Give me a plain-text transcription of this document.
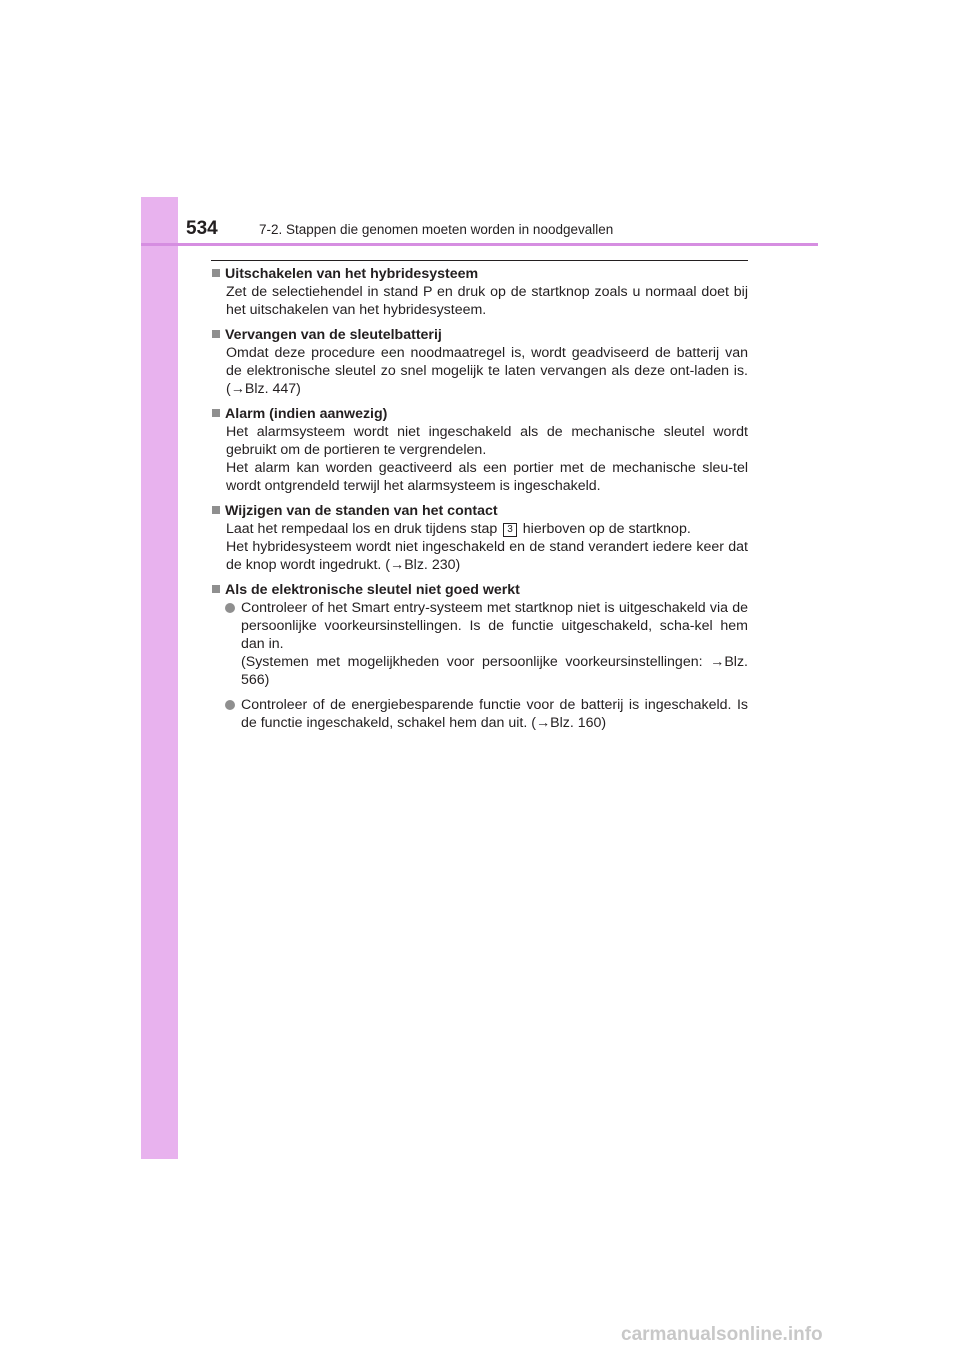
534	7-2. Stappen die genomen moeten worden in noodgevallen
Uitschakelen van het hybridesysteem
Zet de selectiehendel in stand P en druk op de startknop zoals u normaal doet bij het uitschakelen van het hybridesysteem.
Vervangen van de sleutelbatterij
Omdat deze procedure een noodmaatregel is, wordt geadviseerd de batterij van de elektronische sleutel zo snel mogelijk te laten vervangen als deze ont-laden is. (→Blz. 447)
Alarm (indien aanwezig)
Het alarmsysteem wordt niet ingeschakeld als de mechanische sleutel wordt gebruikt om de portieren te vergrendelen.
Het alarm kan worden geactiveerd als een portier met de mechanische sleu-tel wordt ontgrendeld terwijl het alarmsysteem is ingeschakeld.
Wijzigen van de standen van het contact
Laat het rempedaal los en druk tijdens stap 3 hierboven op de startknop.
Het hybridesysteem wordt niet ingeschakeld en de stand verandert iedere keer dat de knop wordt ingedrukt. (→Blz. 230)
Als de elektronische sleutel niet goed werkt
Controleer of het Smart entry-systeem met startknop niet is uitgeschakeld via de persoonlijke voorkeursinstellingen. Is de functie uitgeschakeld, scha-kel hem dan in.
(Systemen met mogelijkheden voor persoonlijke voorkeursinstellingen: →Blz. 566)
Controleer of de energiebesparende functie voor de batterij is ingeschakeld. Is de functie ingeschakeld, schakel hem dan uit. (→Blz. 160)
carmanualsonline.info
